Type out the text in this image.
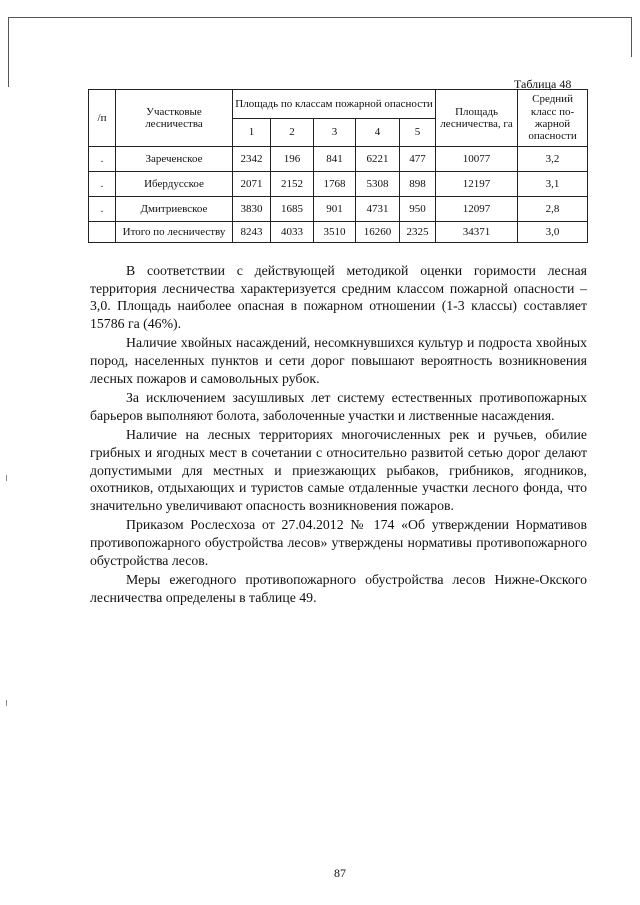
Таблица 48
/п	Участковые лесничества	Площадь по классам пожарной опасности					Площадь лесничества, га	Средний класс по-жарной опасности
		1	2	3	4	5		
.	Зареченское	2342	196	841	6221	477	10077	3,2
.	Ибердусское	2071	2152	1768	5308	898	12197	3,1
.	Дмитриевское	3830	1685	901	4731	950	12097	2,8
	Итого по лесничеству	8243	4033	3510	16260	2325	34371	3,0

В соответствии с действующей методикой оценки горимости лесная территория лесничества характеризуется средним классом пожарной опасности – 3,0. Площадь наиболее опасная в пожарном отношении (1-3 классы) составляет 15786 га (46%).

Наличие хвойных насаждений, несомкнувшихся культур и подроста хвойных пород, населенных пунктов и сети дорог повышают вероятность возникновения лесных пожаров и самовольных рубок.

За исключением засушливых лет систему естественных противопожарных барьеров выполняют болота, заболоченные участки и лиственные насаждения.

Наличие на лесных территориях многочисленных рек и ручьев, обилие грибных и ягодных мест в сочетании с относительно развитой сетью дорог делают допустимыми для местных и приезжающих рыбаков, грибников, ягодников, охотников, отдыхающих и туристов самые отдаленные участки лесного фонда, что значительно увеличивают опасность возникновения пожаров.

Приказом Рослесхоза от 27.04.2012 № 174 «Об утверждении Нормативов противопожарного обустройства лесов» утверждены нормативы противопожарного обустройства лесов.

Меры ежегодного противопожарного обустройства лесов Нижне-Окского лесничества определены в таблице 49.

87
